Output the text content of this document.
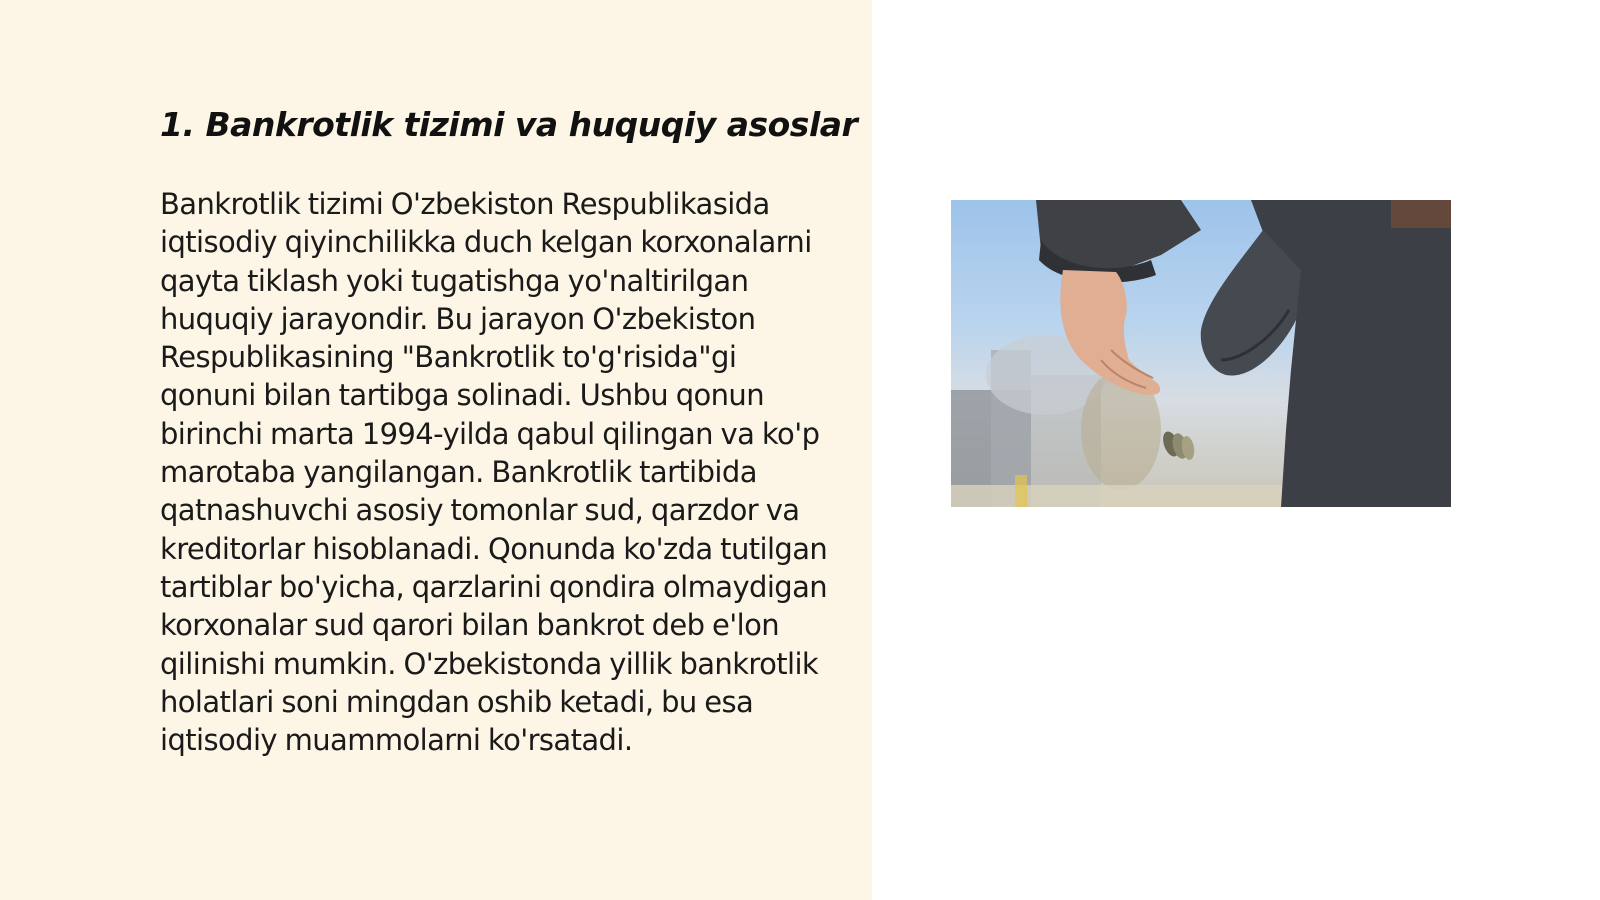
1. Bankrotlik tizimi va huquqiy asoslar

Bankrotlik tizimi O'zbekiston Respublikasida iqtisodiy qiyinchilikka duch kelgan korxonalarni qayta tiklash yoki tugatishga yo'naltirilgan huquqiy jarayondir. Bu jarayon O'zbekiston Respublikasining "Bankrotlik to'g'risida"gi qonuni bilan tartibga solinadi. Ushbu qonun birinchi marta 1994-yilda qabul qilingan va ko'p marotaba yangilangan. Bankrotlik tartibida qatnashuvchi asosiy tomonlar sud, qarzdor va kreditorlar hisoblanadi. Qonunda ko'zda tutilgan tartiblar bo'yicha, qarzlarini qondira olmaydigan korxonalar sud qarori bilan bankrot deb e'lon qilinishi mumkin. O'zbekistonda yillik bankrotlik holatlari soni mingdan oshib ketadi, bu esa iqtisodiy muammolarni ko'rsatadi.
